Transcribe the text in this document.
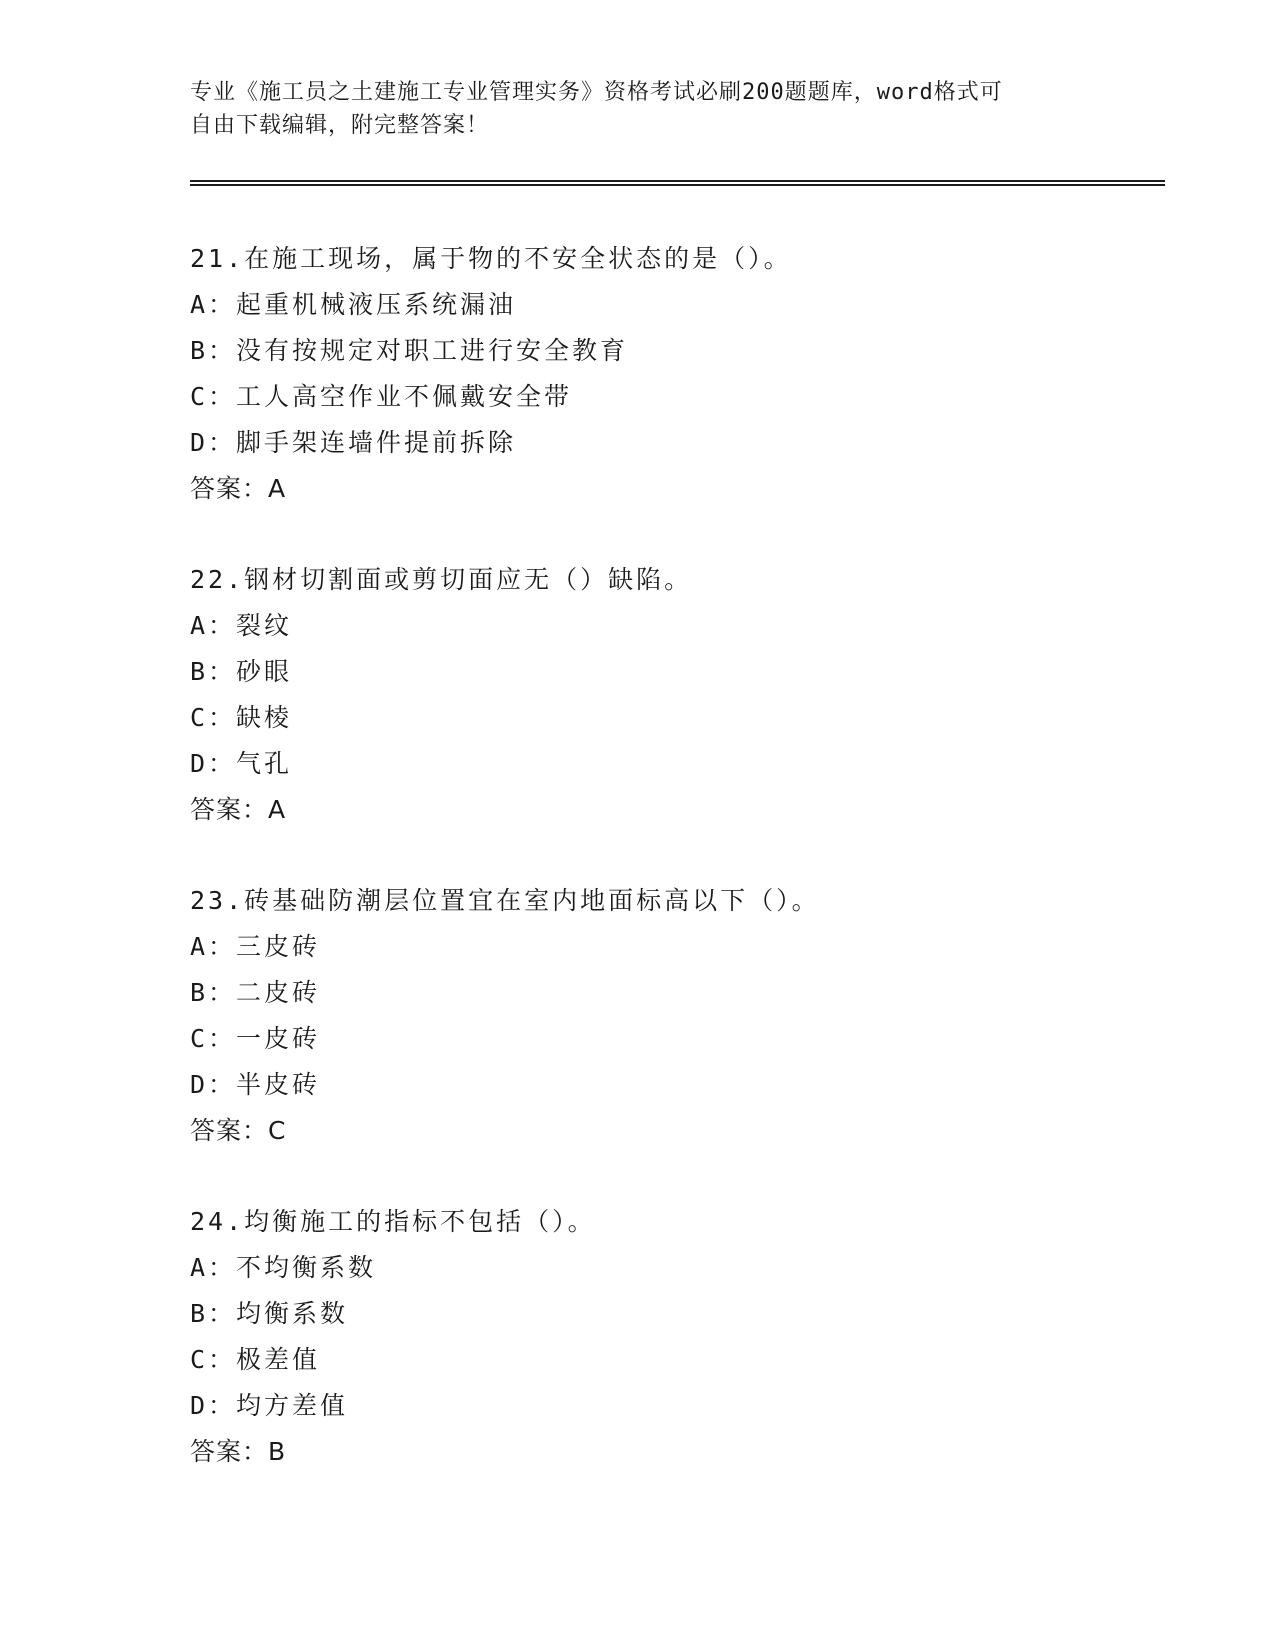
专业《施工员之土建施工专业管理实务》资格考试必刷200题题库，word格式可
自由下载编辑，附完整答案！
21.在施工现场，属于物的不安全状态的是（）。
A：起重机械液压系统漏油
B：没有按规定对职工进行安全教育
C：工人高空作业不佩戴安全带
D：脚手架连墙件提前拆除
答案：A
22.钢材切割面或剪切面应无（）缺陷。
A：裂纹
B：砂眼
C：缺棱
D：气孔
答案：A
23.砖基础防潮层位置宜在室内地面标高以下（）。
A：三皮砖
B：二皮砖
C：一皮砖
D：半皮砖
答案：C
24.均衡施工的指标不包括（）。
A：不均衡系数
B：均衡系数
C：极差值
D：均方差值
答案：B
